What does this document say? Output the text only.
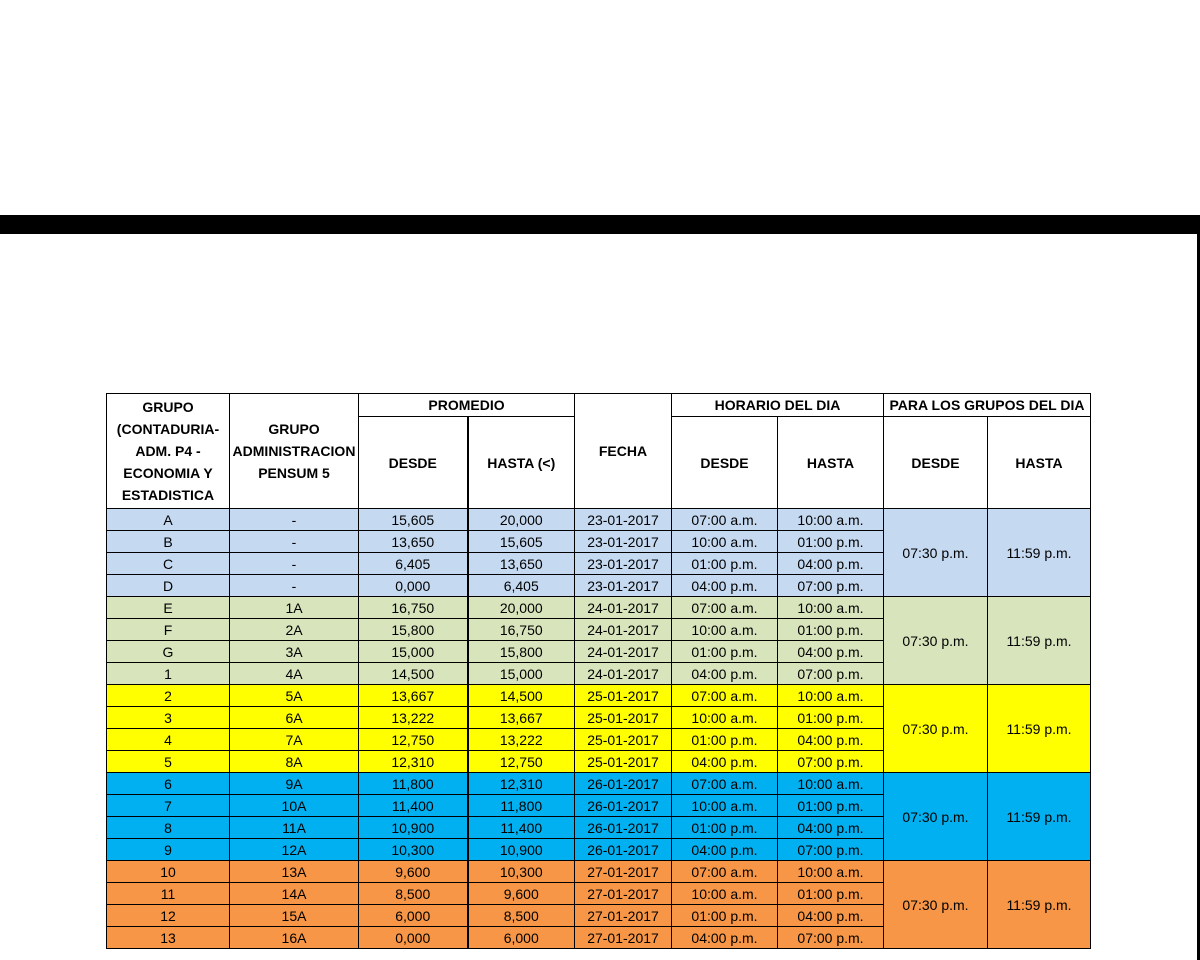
GRUPO (CONTADURIA-ADM. P4 - ECONOMIA Y ESTADISTICA	GRUPO ADMINISTRACION PENSUM 5	PROMEDIO		FECHA	HORARIO DEL DIA		PARA LOS GRUPOS DEL DIA	
		DESDE	HASTA (<)		DESDE	HASTA	DESDE	HASTA
A	-	15,605	20,000	23-01-2017	07:00 a.m.	10:00 a.m.	07:30 p.m.	11:59 p.m.
B	-	13,650	15,605	23-01-2017	10:00 a.m.	01:00 p.m.		
C	-	6,405	13,650	23-01-2017	01:00 p.m.	04:00 p.m.		
D	-	0,000	6,405	23-01-2017	04:00 p.m.	07:00 p.m.		
E	1A	16,750	20,000	24-01-2017	07:00 a.m.	10:00 a.m.	07:30 p.m.	11:59 p.m.
F	2A	15,800	16,750	24-01-2017	10:00 a.m.	01:00 p.m.		
G	3A	15,000	15,800	24-01-2017	01:00 p.m.	04:00 p.m.		
1	4A	14,500	15,000	24-01-2017	04:00 p.m.	07:00 p.m.		
2	5A	13,667	14,500	25-01-2017	07:00 a.m.	10:00 a.m.	07:30 p.m.	11:59 p.m.
3	6A	13,222	13,667	25-01-2017	10:00 a.m.	01:00 p.m.		
4	7A	12,750	13,222	25-01-2017	01:00 p.m.	04:00 p.m.		
5	8A	12,310	12,750	25-01-2017	04:00 p.m.	07:00 p.m.		
6	9A	11,800	12,310	26-01-2017	07:00 a.m.	10:00 a.m.	07:30 p.m.	11:59 p.m.
7	10A	11,400	11,800	26-01-2017	10:00 a.m.	01:00 p.m.		
8	11A	10,900	11,400	26-01-2017	01:00 p.m.	04:00 p.m.		
9	12A	10,300	10,900	26-01-2017	04:00 p.m.	07:00 p.m.		
10	13A	9,600	10,300	27-01-2017	07:00 a.m.	10:00 a.m.	07:30 p.m.	11:59 p.m.
11	14A	8,500	9,600	27-01-2017	10:00 a.m.	01:00 p.m.		
12	15A	6,000	8,500	27-01-2017	01:00 p.m.	04:00 p.m.		
13	16A	0,000	6,000	27-01-2017	04:00 p.m.	07:00 p.m.		
